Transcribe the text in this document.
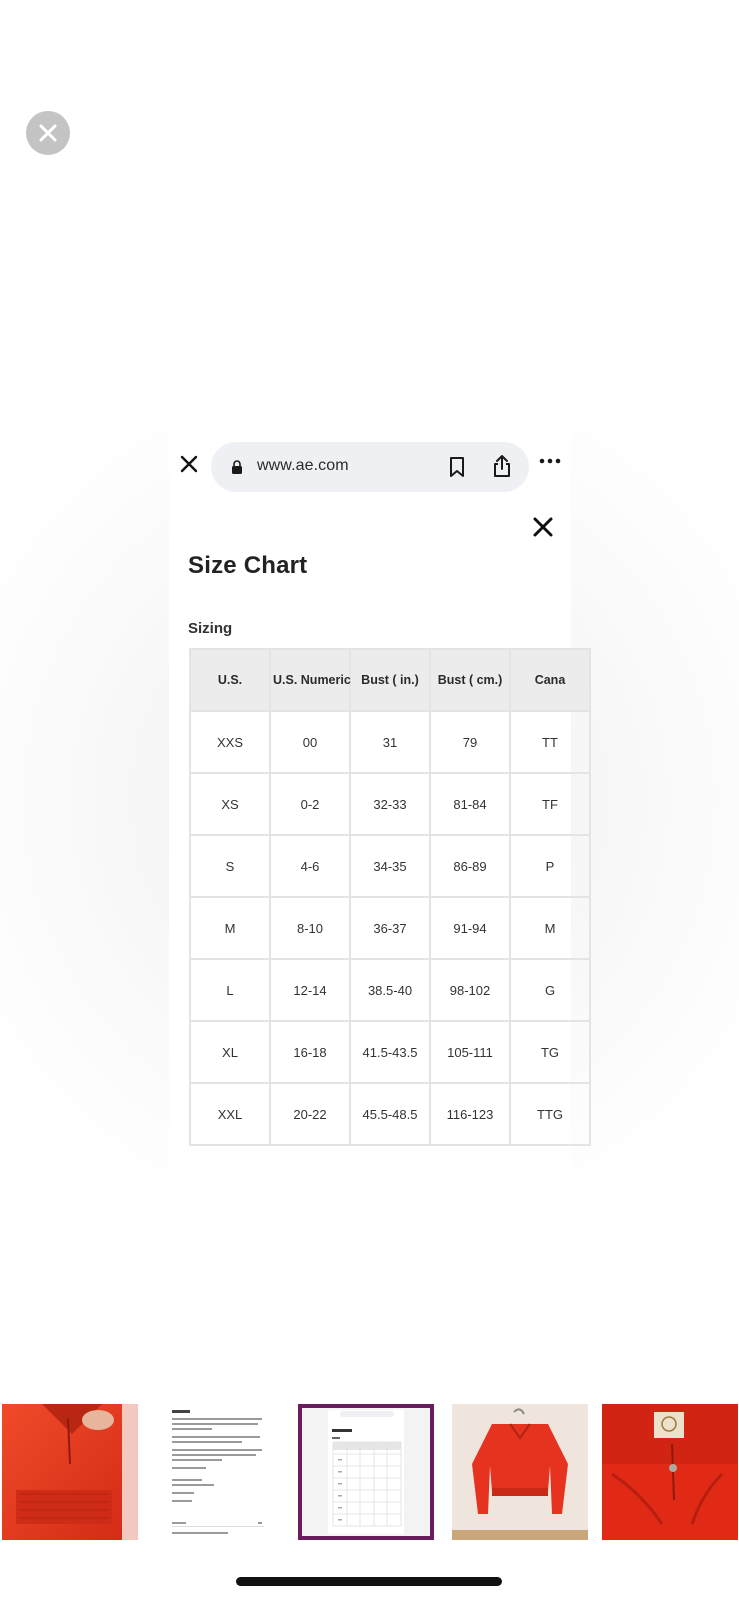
www.ae.com
Size Chart
Sizing
U.S.	U.S. Numeric	Bust ( in.)	Bust ( cm.)	Cana
XXS	00	31	79	TT
XS	0-2	32-33	81-84	TF
S	4-6	34-35	86-89	P
M	8-10	36-37	91-94	M
L	12-14	38.5-40	98-102	G
XL	16-18	41.5-43.5	105-111	TG
XXL	20-22	45.5-48.5	116-123	TTG
